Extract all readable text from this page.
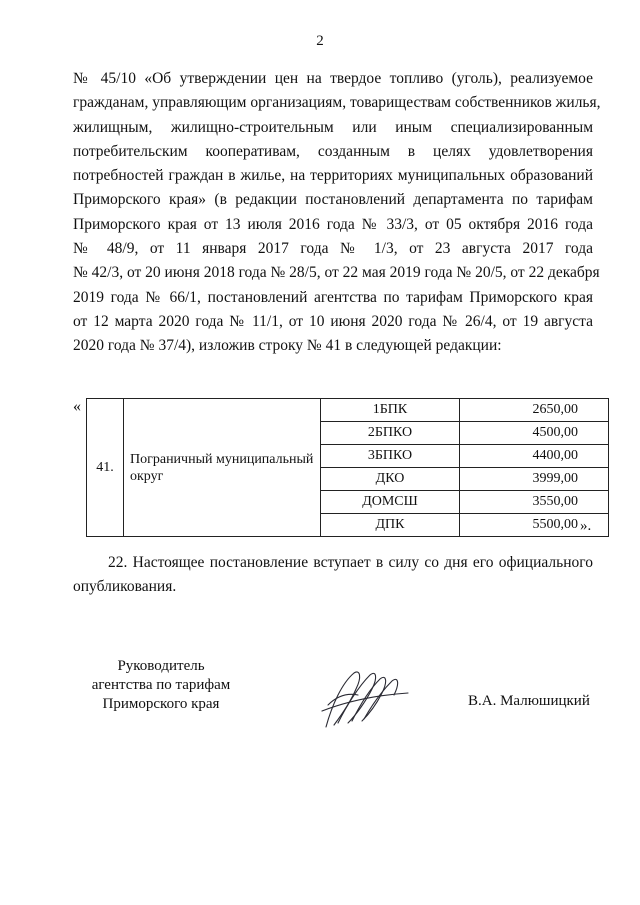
2
№ 45/10 «Об утверждении цен на твердое топливо (уголь), реализуемое
гражданам, управляющим организациям, товариществам собственников жилья,
жилищным, жилищно-строительным или иным специализированным
потребительским кооперативам, созданным в целях удовлетворения
потребностей граждан в жилье, на территориях муниципальных образований
Приморского края» (в редакции постановлений департамента по тарифам
Приморского края от 13 июля 2016 года № 33/3, от 05 октября 2016 года
№ 48/9, от 11 января 2017 года № 1/3, от 23 августа 2017 года
№ 42/3, от 20 июня 2018 года № 28/5, от 22 мая 2019 года № 20/5, от 22 декабря
2019 года № 66/1, постановлений агентства по тарифам Приморского края
от 12 марта 2020 года № 11/1, от 10 июня 2020 года № 26/4, от 19 августа
2020 года № 37/4), изложив строку № 41 в следующей редакции:
«
41.	Пограничный муниципальный округ	1БПК	2650,00
		2БПКО	4500,00
		3БПКО	4400,00
		ДКО	3999,00
		ДОМСШ	3550,00
		ДПК	5500,00 ».
22. Настоящее постановление вступает в силу со дня его официального
опубликования.
Руководитель
агентства по тарифам
Приморского края	В.А. Малюшицкий
